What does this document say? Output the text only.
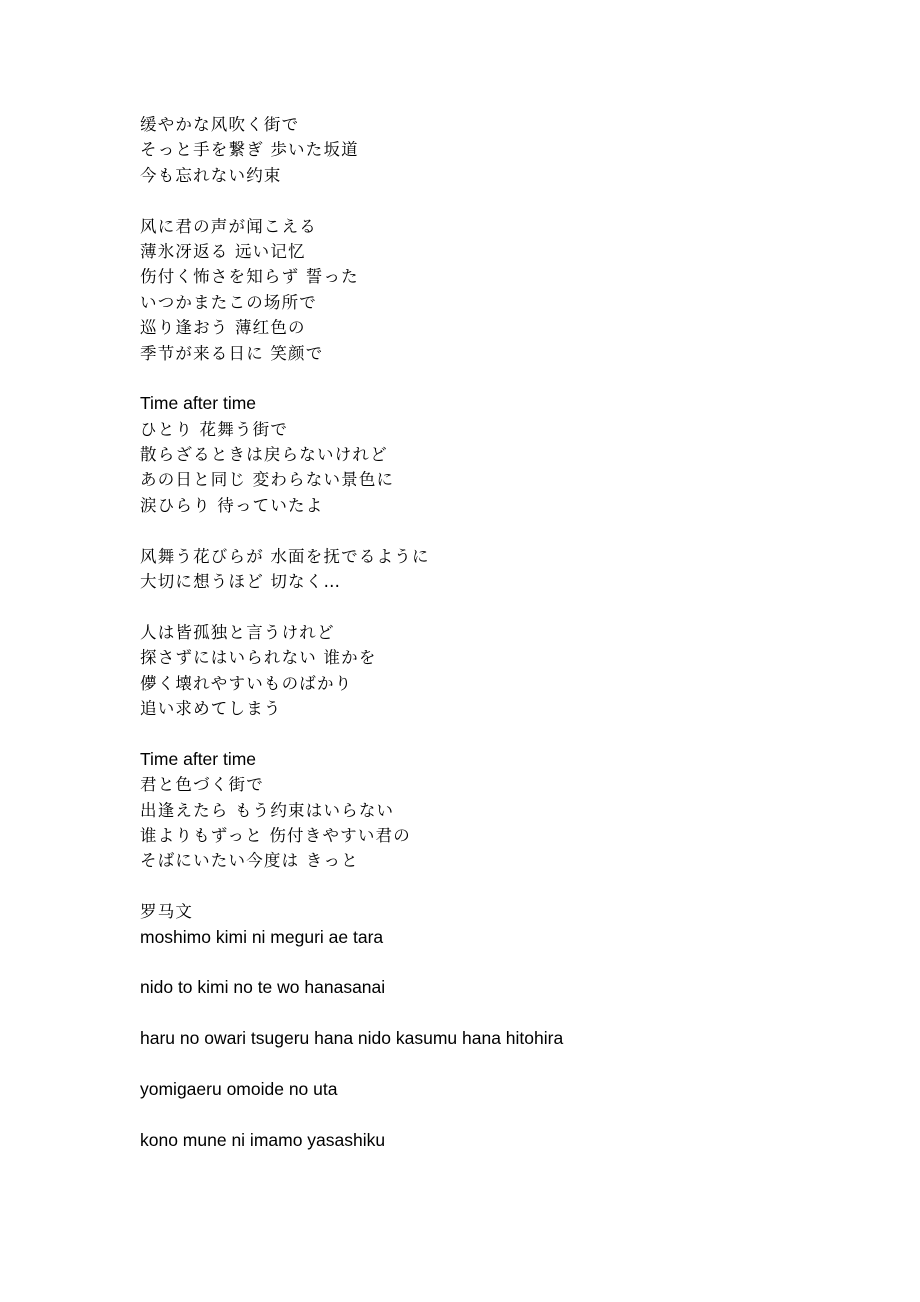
缓やかな风吹く街で
そっと手を繋ぎ 歩いた坂道
今も忘れない约束
风に君の声が闻こえる
薄氷冴返る 远い记忆
伤付く怖さを知らず 誓った
いつかまたこの场所で
巡り逢おう 薄红色の
季节が来る日に 笑颜で
Time after time
ひとり 花舞う街で
散らざるときは戻らないけれど
あの日と同じ 変わらない景色に
涙ひらり 待っていたよ
风舞う花びらが 水面を抚でるように
大切に想うほど 切なく…
人は皆孤独と言うけれど
探さずにはいられない 谁かを
儚く壊れやすいものばかり
追い求めてしまう
Time after time
君と色づく街で
出逢えたら もう约束はいらない
谁よりもずっと 伤付きやすい君の
そばにいたい今度は きっと
罗马文
moshimo kimi ni meguri ae tara
nido to kimi no te wo hanasanai
haru no owari tsugeru hana nido kasumu hana hitohira
yomigaeru omoide no uta
kono mune ni imamo yasashiku
